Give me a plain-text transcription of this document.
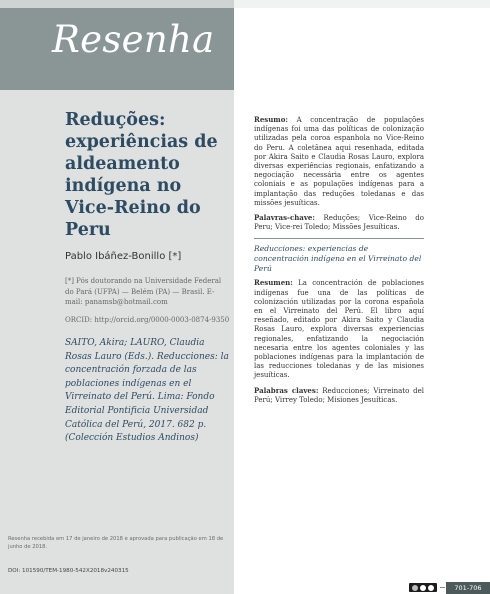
Resenha
Reduções: experiências de aldeamento indígena no Vice-Reino do Peru
Pablo Ibáñez-Bonillo [*]
[*] Pós doutorando na Universidade Federal do Pará (UFPA) — Belém (PA) — Brasil. E-mail: panamsb@hotmail.com
ORCID: http://orcid.org/0000-0003-0874-9350
SAITO, Akira; LAURO, Claudia Rosas Lauro (Eds.). Reducciones: la concentración forzada de las poblaciones indígenas en el Virreinato del Perú. Lima: Fondo Editorial Pontificia Universidad Católica del Perú, 2017. 682 p. (Colección Estudios Andinos)
Resenha recebida em 17 de janeiro de 2018 e aprovada para publicação em 18 de junho de 2018.
DOI: 101590/TEM-1980-542X2018v240315
Resumo: A concentração de populações indígenas foi uma das políticas de colonização utilizadas pela coroa espanhola no Vice-Reino do Peru. A coletânea aqui resenhada, editada por Akira Saito e Claudia Rosas Lauro, explora diversas experiências regionais, enfatizando a negociação necessária entre os agentes coloniais e as populações indígenas para a implantação das reduções toledanas e das missões jesuíticas.
Palavras-chave: Reduções; Vice-Reino do Peru; Vice-rei Toledo; Missões Jesuíticas.
Reducciones: experiencias de concentración indígena en el Virreinato del Perú
Resumen: La concentración de poblaciones indígenas fue una de las políticas de colonización utilizadas por la corona española en el Virreinato del Perú. El libro aquí reseñado, editado por Akira Saito y Claudia Rosas Lauro, explora diversas experiencias regionales, enfatizando la negociación necesaria entre los agentes coloniales y las poblaciones indígenas para la implantación de las reducciones toledanas y de las misiones jesuíticas.
Palabras claves: Reducciones; Virreinato del Perú; Virrey Toledo; Misiones Jesuíticas.
701-706
